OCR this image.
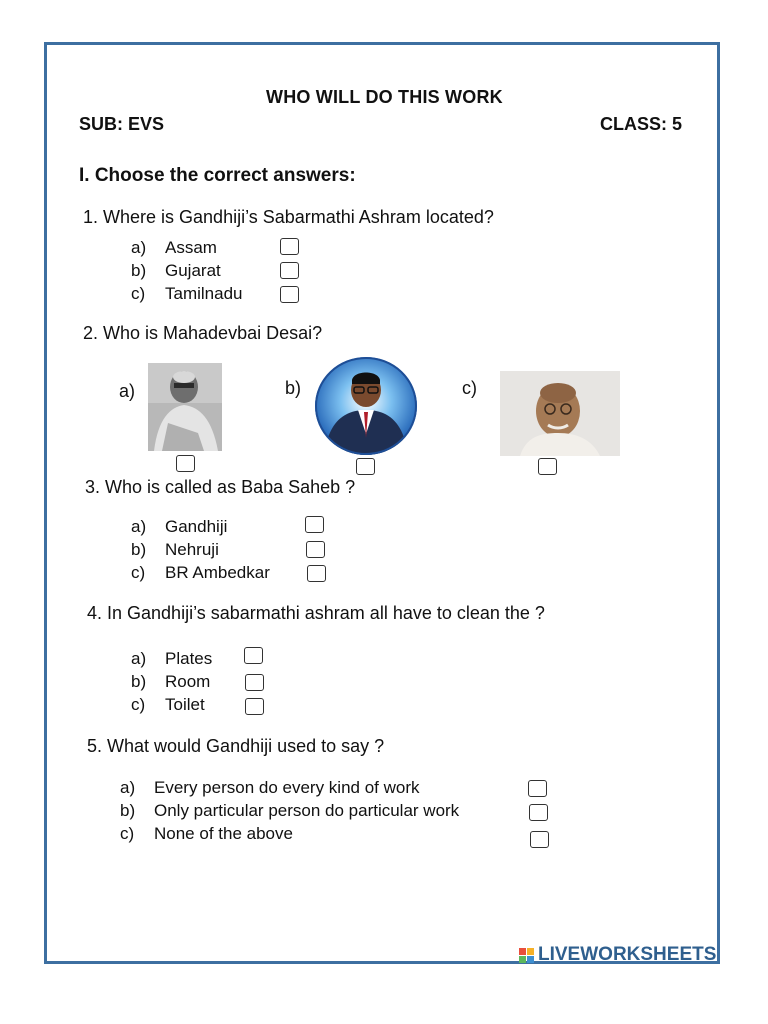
WHO WILL DO THIS WORK
SUB: EVS	CLASS: 5
I. Choose the correct answers:
1. Where is Gandhiji’s Sabarmathi Ashram located?
a) Assam
b) Gujarat
c) Tamilnadu
2. Who is Mahadevbai Desai?
a)	b)	c)
3. Who is called as Baba Saheb ?
a) Gandhiji
b) Nehruji
c) BR Ambedkar
4. In Gandhiji’s sabarmathi ashram all have to clean the ?
a) Plates
b) Room
c) Toilet
5. What would Gandhiji used to say ?
a) Every person do every kind of work
b) Only particular person do particular work
c) None of the above
LIVEWORKSHEETS
